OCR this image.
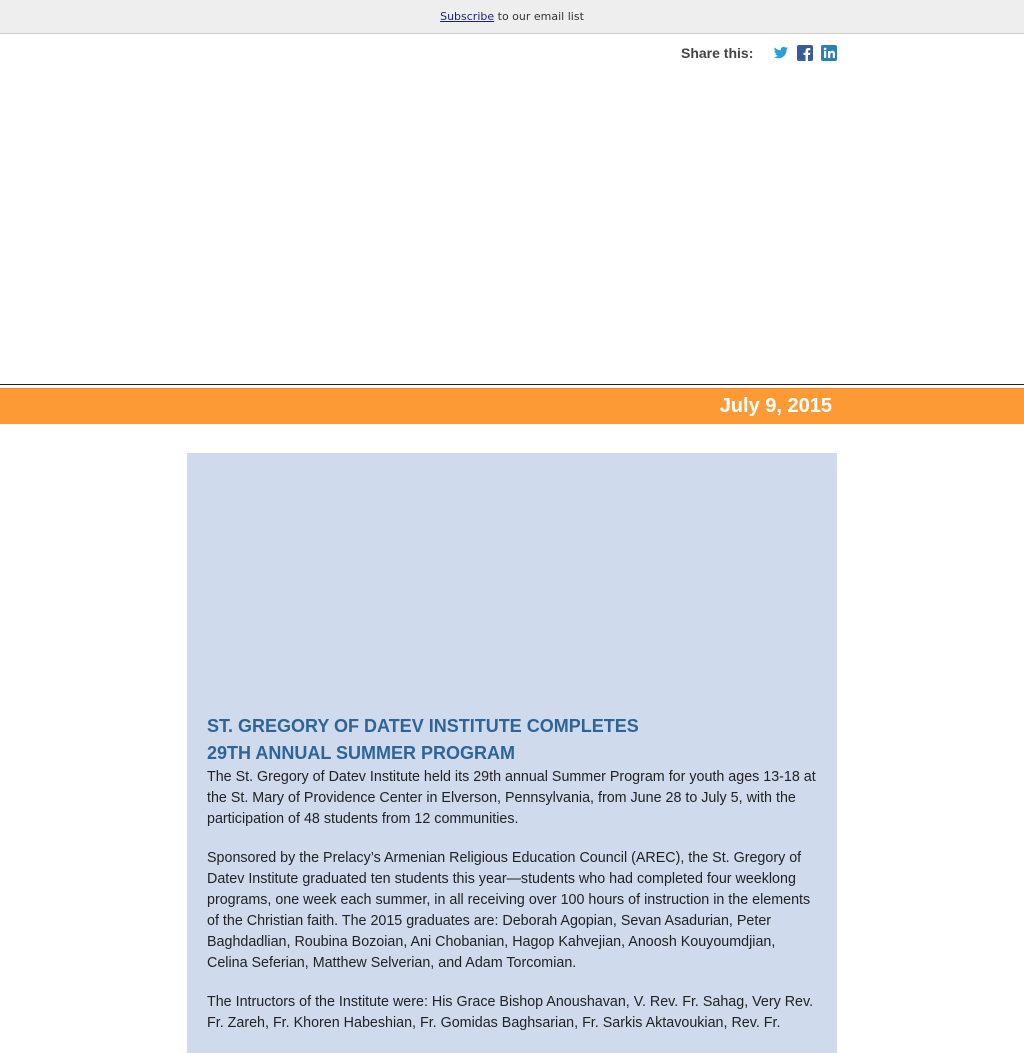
Subscribe to our email list
Share this:
July 9, 2015
ST. GREGORY OF DATEV INSTITUTE COMPLETES
29TH ANNUAL SUMMER PROGRAM

The St. Gregory of Datev Institute held its 29th annual Summer Program for youth ages 13-18 at the St. Mary of Providence Center in Elverson, Pennsylvania, from June 28 to July 5, with the participation of 48 students from 12 communities.

Sponsored by the Prelacy’s Armenian Religious Education Council (AREC), the St. Gregory of Datev Institute graduated ten students this year—students who had completed four weeklong programs, one week each summer, in all receiving over 100 hours of instruction in the elements of the Christian faith. The 2015 graduates are: Deborah Agopian, Sevan Asadurian, Peter Baghdadlian, Roubina Bozoian, Ani Chobanian, Hagop Kahvejian, Anoosh Kouyoumdjian, Celina Seferian, Matthew Selverian, and Adam Torcomian.

The Intructors of the Institute were: His Grace Bishop Anoushavan, V. Rev. Fr. Sahag, Very Rev. Fr. Zareh, Fr. Khoren Habeshian, Fr. Gomidas Baghsarian, Fr. Sarkis Aktavoukian, Rev. Fr.
